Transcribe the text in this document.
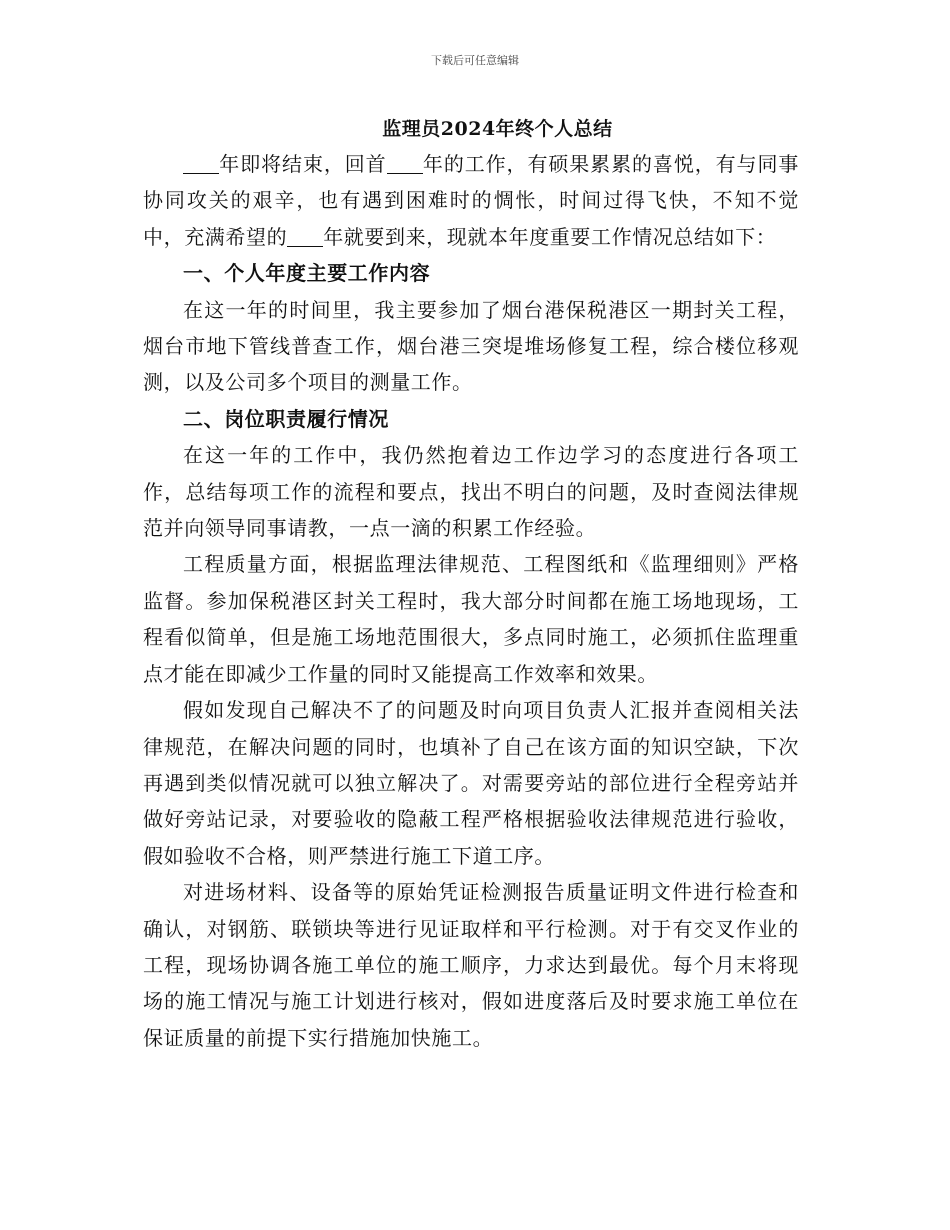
下载后可任意编辑
监理员2024年终个人总结

年即将结束，回首 年的工作，有硕果累累的喜悦，有与同事协同攻关的艰辛，也有遇到困难时的惆怅，时间过得飞快，不知不觉中，充满希望的 年就要到来，现就本年度重要工作情况总结如下：

一、个人年度主要工作内容

在这一年的时间里，我主要参加了烟台港保税港区一期封关工程，烟台市地下管线普查工作，烟台港三突堤堆场修复工程，综合楼位移观测，以及公司多个项目的测量工作。

二、岗位职责履行情况

在这一年的工作中，我仍然抱着边工作边学习的态度进行各项工作，总结每项工作的流程和要点，找出不明白的问题，及时查阅法律规范并向领导同事请教，一点一滴的积累工作经验。

工程质量方面，根据监理法律规范、工程图纸和《监理细则》严格监督。参加保税港区封关工程时，我大部分时间都在施工场地现场，工程看似简单，但是施工场地范围很大，多点同时施工，必须抓住监理重点才能在即减少工作量的同时又能提高工作效率和效果。

假如发现自己解决不了的问题及时向项目负责人汇报并查阅相关法律规范，在解决问题的同时，也填补了自己在该方面的知识空缺，下次再遇到类似情况就可以独立解决了。对需要旁站的部位进行全程旁站并做好旁站记录，对要验收的隐蔽工程严格根据验收法律规范进行验收，假如验收不合格，则严禁进行施工下道工序。

对进场材料、设备等的原始凭证检测报告质量证明文件进行检查和确认，对钢筋、联锁块等进行见证取样和平行检测。对于有交叉作业的工程，现场协调各施工单位的施工顺序，力求达到最优。每个月末将现场的施工情况与施工计划进行核对，假如进度落后及时要求施工单位在保证质量的前提下实行措施加快施工。
